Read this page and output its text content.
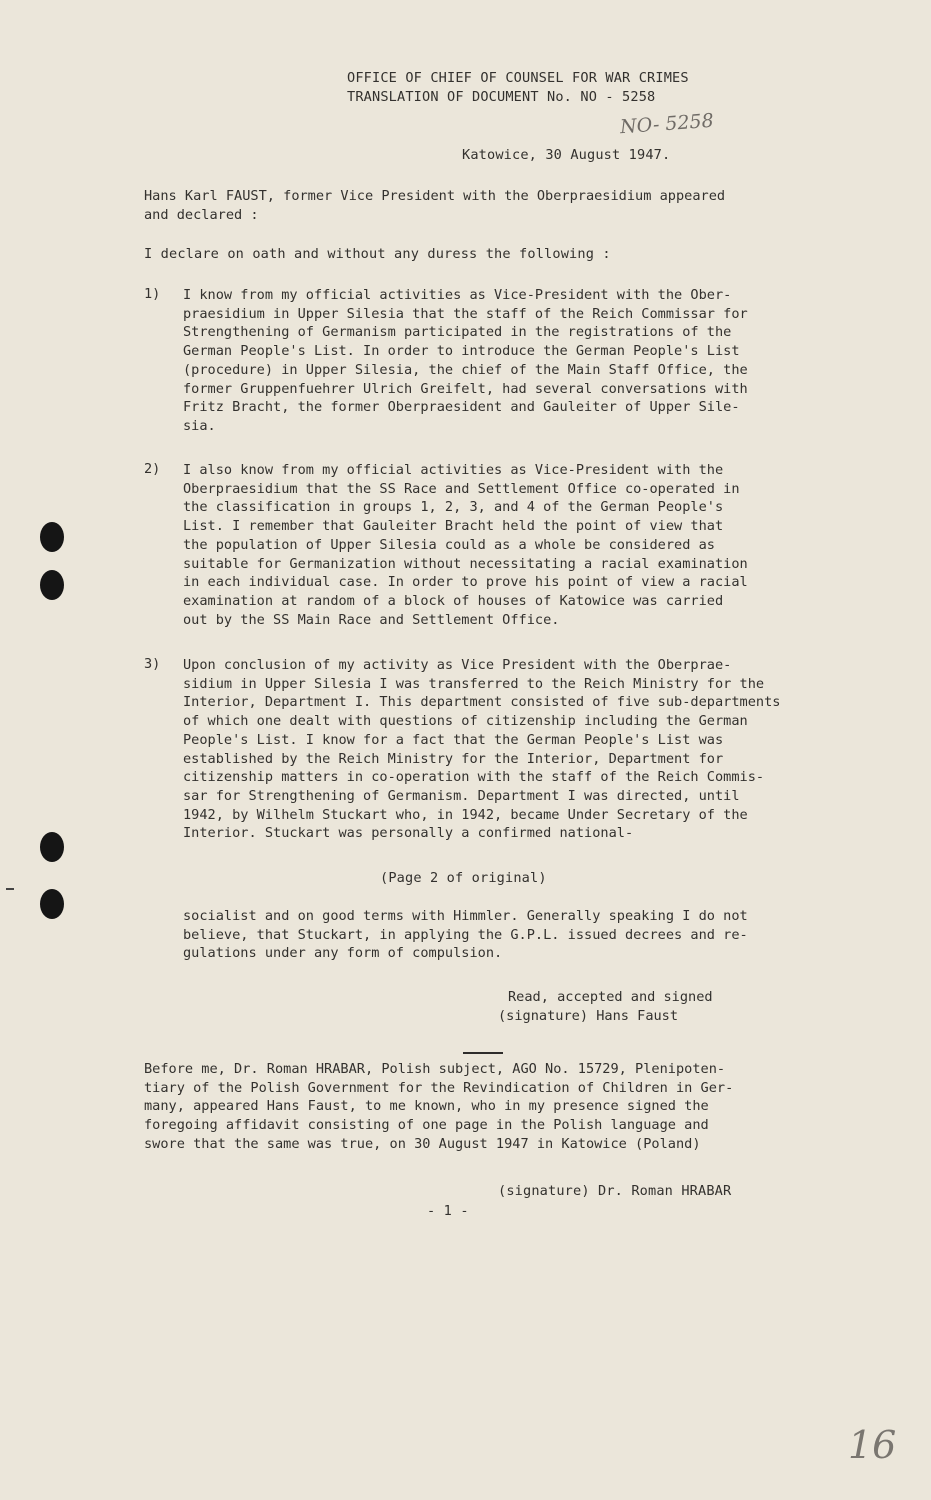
OFFICE OF CHIEF OF COUNSEL FOR WAR CRIMES
TRANSLATION OF DOCUMENT No. NO - 5258
NO- 5258
Katowice, 30 August 1947.
Hans Karl FAUST, former Vice President with the Oberpraesidium appeared
and declared :
I declare on oath and without any duress the following :
1) I know from my official activities as Vice-President with the Ober-
praesidium in Upper Silesia that the staff of the Reich Commissar for
Strengthening of Germanism participated in the registrations of the
German People's List. In order to introduce the German People's List
(procedure) in Upper Silesia, the chief of the Main Staff Office, the
former Gruppenfuehrer Ulrich Greifelt, had several conversations with
Fritz Bracht, the former Oberpraesident and Gauleiter of Upper Sile-
sia.
2) I also know from my official activities as Vice-President with the
Oberpraesidium that the SS Race and Settlement Office co-operated in
the classification in groups 1, 2, 3, and 4 of the German People's
List. I remember that Gauleiter Bracht held the point of view that
the population of Upper Silesia could as a whole be considered as
suitable for Germanization without necessitating a racial examination
in each individual case. In order to prove his point of view a racial
examination at random of a block of houses of Katowice was carried
out by the SS Main Race and Settlement Office.
3) Upon conclusion of my activity as Vice President with the Oberprae-
sidium in Upper Silesia I was transferred to the Reich Ministry for the
Interior, Department I. This department consisted of five sub-departments
of which one dealt with questions of citizenship including the German
People's List. I know for a fact that the German People's List was
established by the Reich Ministry for the Interior, Department for
citizenship matters in co-operation with the staff of the Reich Commis-
sar for Strengthening of Germanism. Department I was directed, until
1942, by Wilhelm Stuckart who, in 1942, became Under Secretary of the
Interior. Stuckart was personally a confirmed national-
(Page 2 of original)
socialist and on good terms with Himmler. Generally speaking I do not
believe, that Stuckart, in applying the G.P.L. issued decrees and re-
gulations under any form of compulsion.
Read, accepted and signed
(signature) Hans Faust
Before me, Dr. Roman HRABAR, Polish subject, AGO No. 15729, Plenipoten-
tiary of the Polish Government for the Revindication of Children in Ger-
many, appeared Hans Faust, to me known, who in my presence signed the
foregoing affidavit consisting of one page in the Polish language and
swore that the same was true, on 30 August 1947 in Katowice (Poland)
(signature) Dr. Roman HRABAR
- 1 -
16
